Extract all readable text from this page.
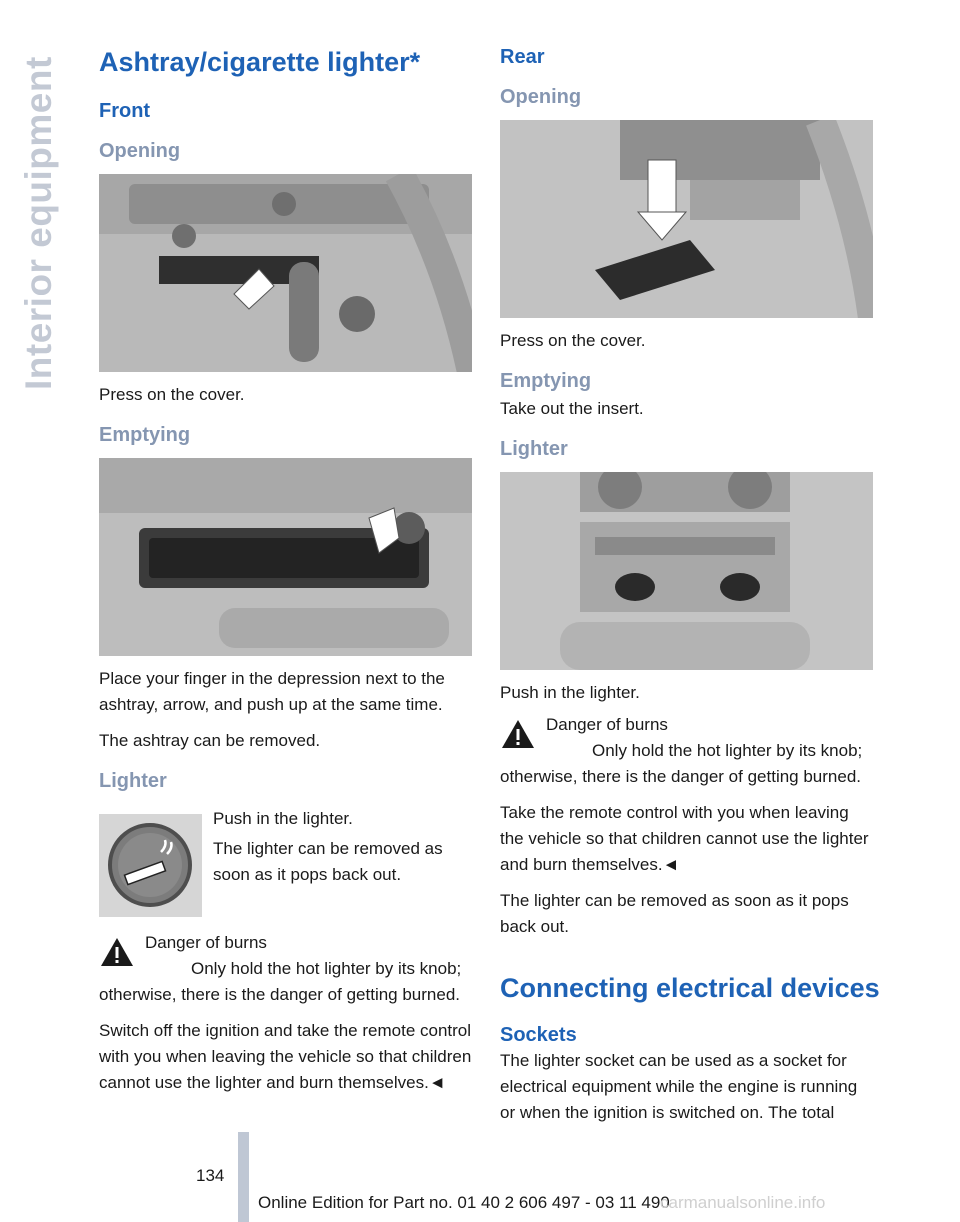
Interior equipment Ashtray/cigarette lighter*
Front
Opening

Press on the cover.

Emptying

Place your finger in the depression next to the ashtray, arrow, and push up at the same time.

The ashtray can be removed.

Lighter

Push in the lighter.

The lighter can be removed as soon as it pops back out.

Danger of burns

Only hold the hot lighter by its knob; otherwise, there is the danger of getting burned.

Switch off the ignition and take the remote control with you when leaving the vehicle so that children cannot use the lighter and burn themselves.◄

Rear
Opening

Press on the cover.

Emptying

Take out the insert.

Lighter

Push in the lighter.

Danger of burns

Only hold the hot lighter by its knob; otherwise, there is the danger of getting burned.

Take the remote control with you when leaving the vehicle so that children cannot use the lighter and burn themselves.◄

The lighter can be removed as soon as it pops back out.

Connecting electrical devices
Sockets

The lighter socket can be used as a socket for electrical equipment while the engine is running or when the ignition is switched on. The total

134
Online Edition for Part no. 01 40 2 606 497 - 03 11 490
carmanualsonline.info
